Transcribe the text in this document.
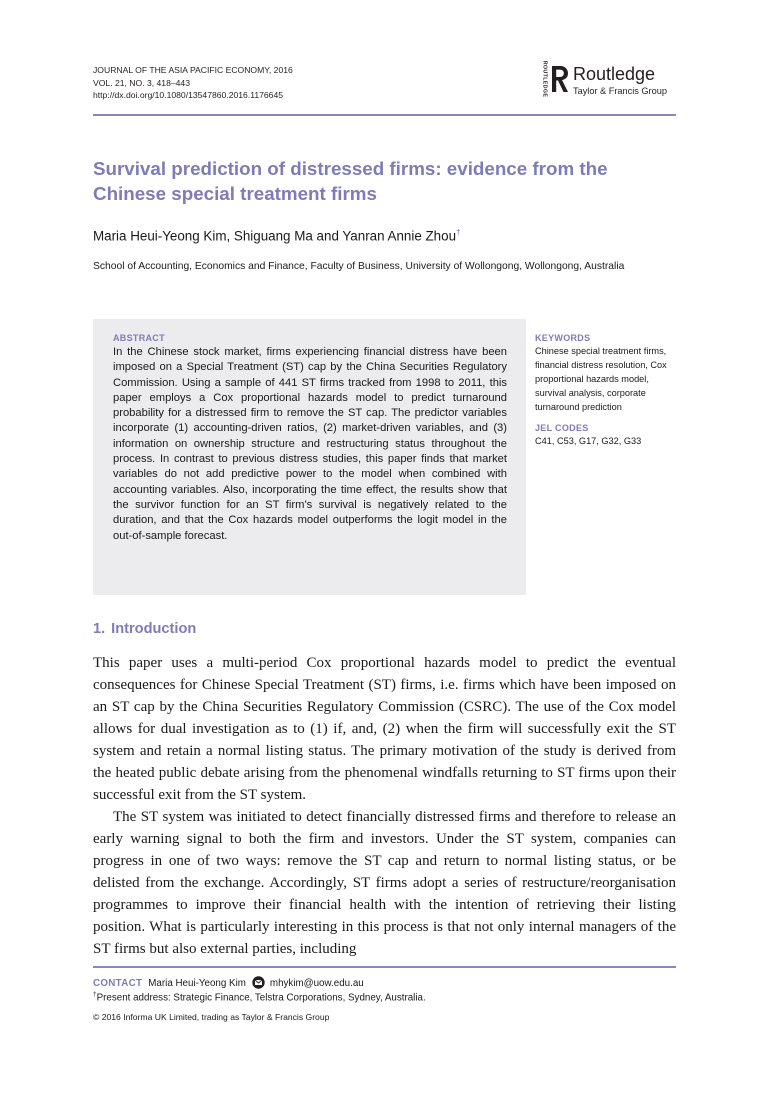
JOURNAL OF THE ASIA PACIFIC ECONOMY, 2016
VOL. 21, NO. 3, 418–443
http://dx.doi.org/10.1080/13547860.2016.1176645	ROUTLEDGE Routledge
Taylor & Francis Group
Survival prediction of distressed firms: evidence from the Chinese special treatment firms
Maria Heui-Yeong Kim, Shiguang Ma and Yanran Annie Zhou†
School of Accounting, Economics and Finance, Faculty of Business, University of Wollongong, Wollongong, Australia
ABSTRACT
In the Chinese stock market, firms experiencing financial distress have been imposed on a Special Treatment (ST) cap by the China Securities Regulatory Commission. Using a sample of 441 ST firms tracked from 1998 to 2011, this paper employs a Cox proportional hazards model to predict turnaround probability for a distressed firm to remove the ST cap. The predictor variables incorporate (1) accounting-driven ratios, (2) market-driven variables, and (3) information on ownership structure and restructuring status throughout the process. In contrast to previous distress studies, this paper finds that market variables do not add predictive power to the model when combined with accounting variables. Also, incorporating the time effect, the results show that the survivor function for an ST firm’s survival is negatively related to the duration, and that the Cox hazards model outperforms the logit model in the out-of-sample forecast.
KEYWORDS
Chinese special treatment firms, financial distress resolution, Cox proportional hazards model, survival analysis, corporate turnaround prediction
JEL CODES
C41, C53, G17, G32, G33
1. Introduction

This paper uses a multi-period Cox proportional hazards model to predict the eventual consequences for Chinese Special Treatment (ST) firms, i.e. firms which have been imposed on an ST cap by the China Securities Regulatory Commission (CSRC). The use of the Cox model allows for dual investigation as to (1) if, and, (2) when the firm will successfully exit the ST system and retain a normal listing status. The primary motivation of the study is derived from the heated public debate arising from the phenomenal windfalls returning to ST firms upon their successful exit from the ST system.

The ST system was initiated to detect financially distressed firms and therefore to release an early warning signal to both the firm and investors. Under the ST system, companies can progress in one of two ways: remove the ST cap and return to normal listing status, or be delisted from the exchange. Accordingly, ST firms adopt a series of restructure/reorganisation programmes to improve their financial health with the intention of retrieving their listing position. What is particularly interesting in this process is that not only internal managers of the ST firms but also external parties, including

CONTACT Maria Heui-Yeong Kim mhykim@uow.edu.au
†Present address: Strategic Finance, Telstra Corporations, Sydney, Australia.
© 2016 Informa UK Limited, trading as Taylor & Francis Group
